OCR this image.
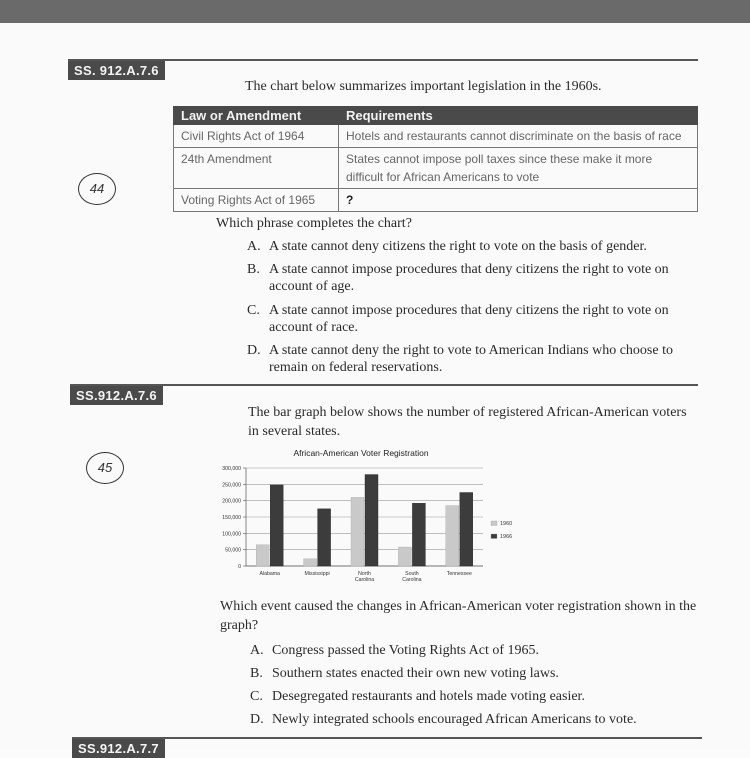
SS. 912.A.7.6
The chart below summarizes important legislation in the 1960s.
44
Law or Amendment	Requirements
Civil Rights Act of 1964	Hotels and restaurants cannot discriminate on the basis of race
24th Amendment	States cannot impose poll taxes since these make it more difficult for African Americans to vote
Voting Rights Act of 1965	?
Which phrase completes the chart?
A. A state cannot deny citizens the right to vote on the basis of gender.
B. A state cannot impose procedures that deny citizens the right to vote on account of age.
C. A state cannot impose procedures that deny citizens the right to vote on account of race.
D. A state cannot deny the right to vote to American Indians who choose to remain on federal reservations.
SS.912.A.7.6
The bar graph below shows the number of registered African-American voters in several states.
45
African-American Voter Registration
0
50,000
100,000
150,000
200,000
250,000
300,000
Alabama	Mississippi	North
Carolina
South
Carolina
Tennessee
1960
1966
Which event caused the changes in African-American voter registration shown in the graph?
A. Congress passed the Voting Rights Act of 1965.
B. Southern states enacted their own new voting laws.
C. Desegregated restaurants and hotels made voting easier.
D. Newly integrated schools encouraged African Americans to vote.
SS.912.A.7.7
